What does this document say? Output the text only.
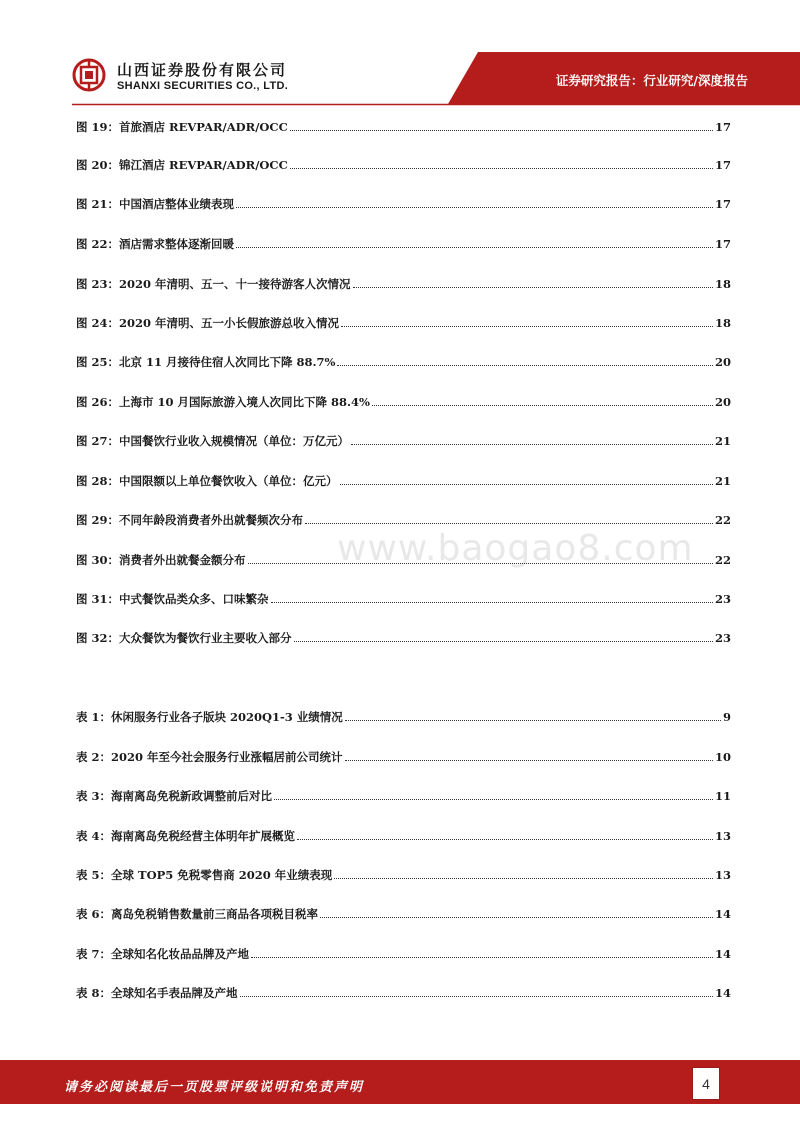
山西证券股份有限公司
SHANXI SECURITIES CO., LTD.	证券研究报告：行业研究/深度报告
www.baogao8.com
图 19：首旅酒店 REVPAR/ADR/OCC	17
图 20：锦江酒店 REVPAR/ADR/OCC	17
图 21：中国酒店整体业绩表现	17
图 22：酒店需求整体逐渐回暖	17
图 23：2020 年清明、五一、十一接待游客人次情况	18
图 24：2020 年清明、五一小长假旅游总收入情况	18
图 25：北京 11 月接待住宿人次同比下降 88.7%	20
图 26：上海市 10 月国际旅游入境人次同比下降 88.4%	20
图 27：中国餐饮行业收入规模情况（单位：万亿元）	21
图 28：中国限额以上单位餐饮收入（单位：亿元）	21
图 29：不同年龄段消费者外出就餐频次分布	22
图 30：消费者外出就餐金额分布	22
图 31：中式餐饮品类众多、口味繁杂	23
图 32：大众餐饮为餐饮行业主要收入部分	23
表 1：休闲服务行业各子版块 2020Q1-3 业绩情况	9
表 2：2020 年至今社会服务行业涨幅居前公司统计	10
表 3：海南离岛免税新政调整前后对比	11
表 4：海南离岛免税经营主体明年扩展概览	13
表 5：全球 TOP5 免税零售商 2020 年业绩表现	13
表 6：离岛免税销售数量前三商品各项税目税率	14
表 7：全球知名化妆品品牌及产地	14
表 8：全球知名手表品牌及产地	14
请务必阅读最后一页股票评级说明和免责声明	4
